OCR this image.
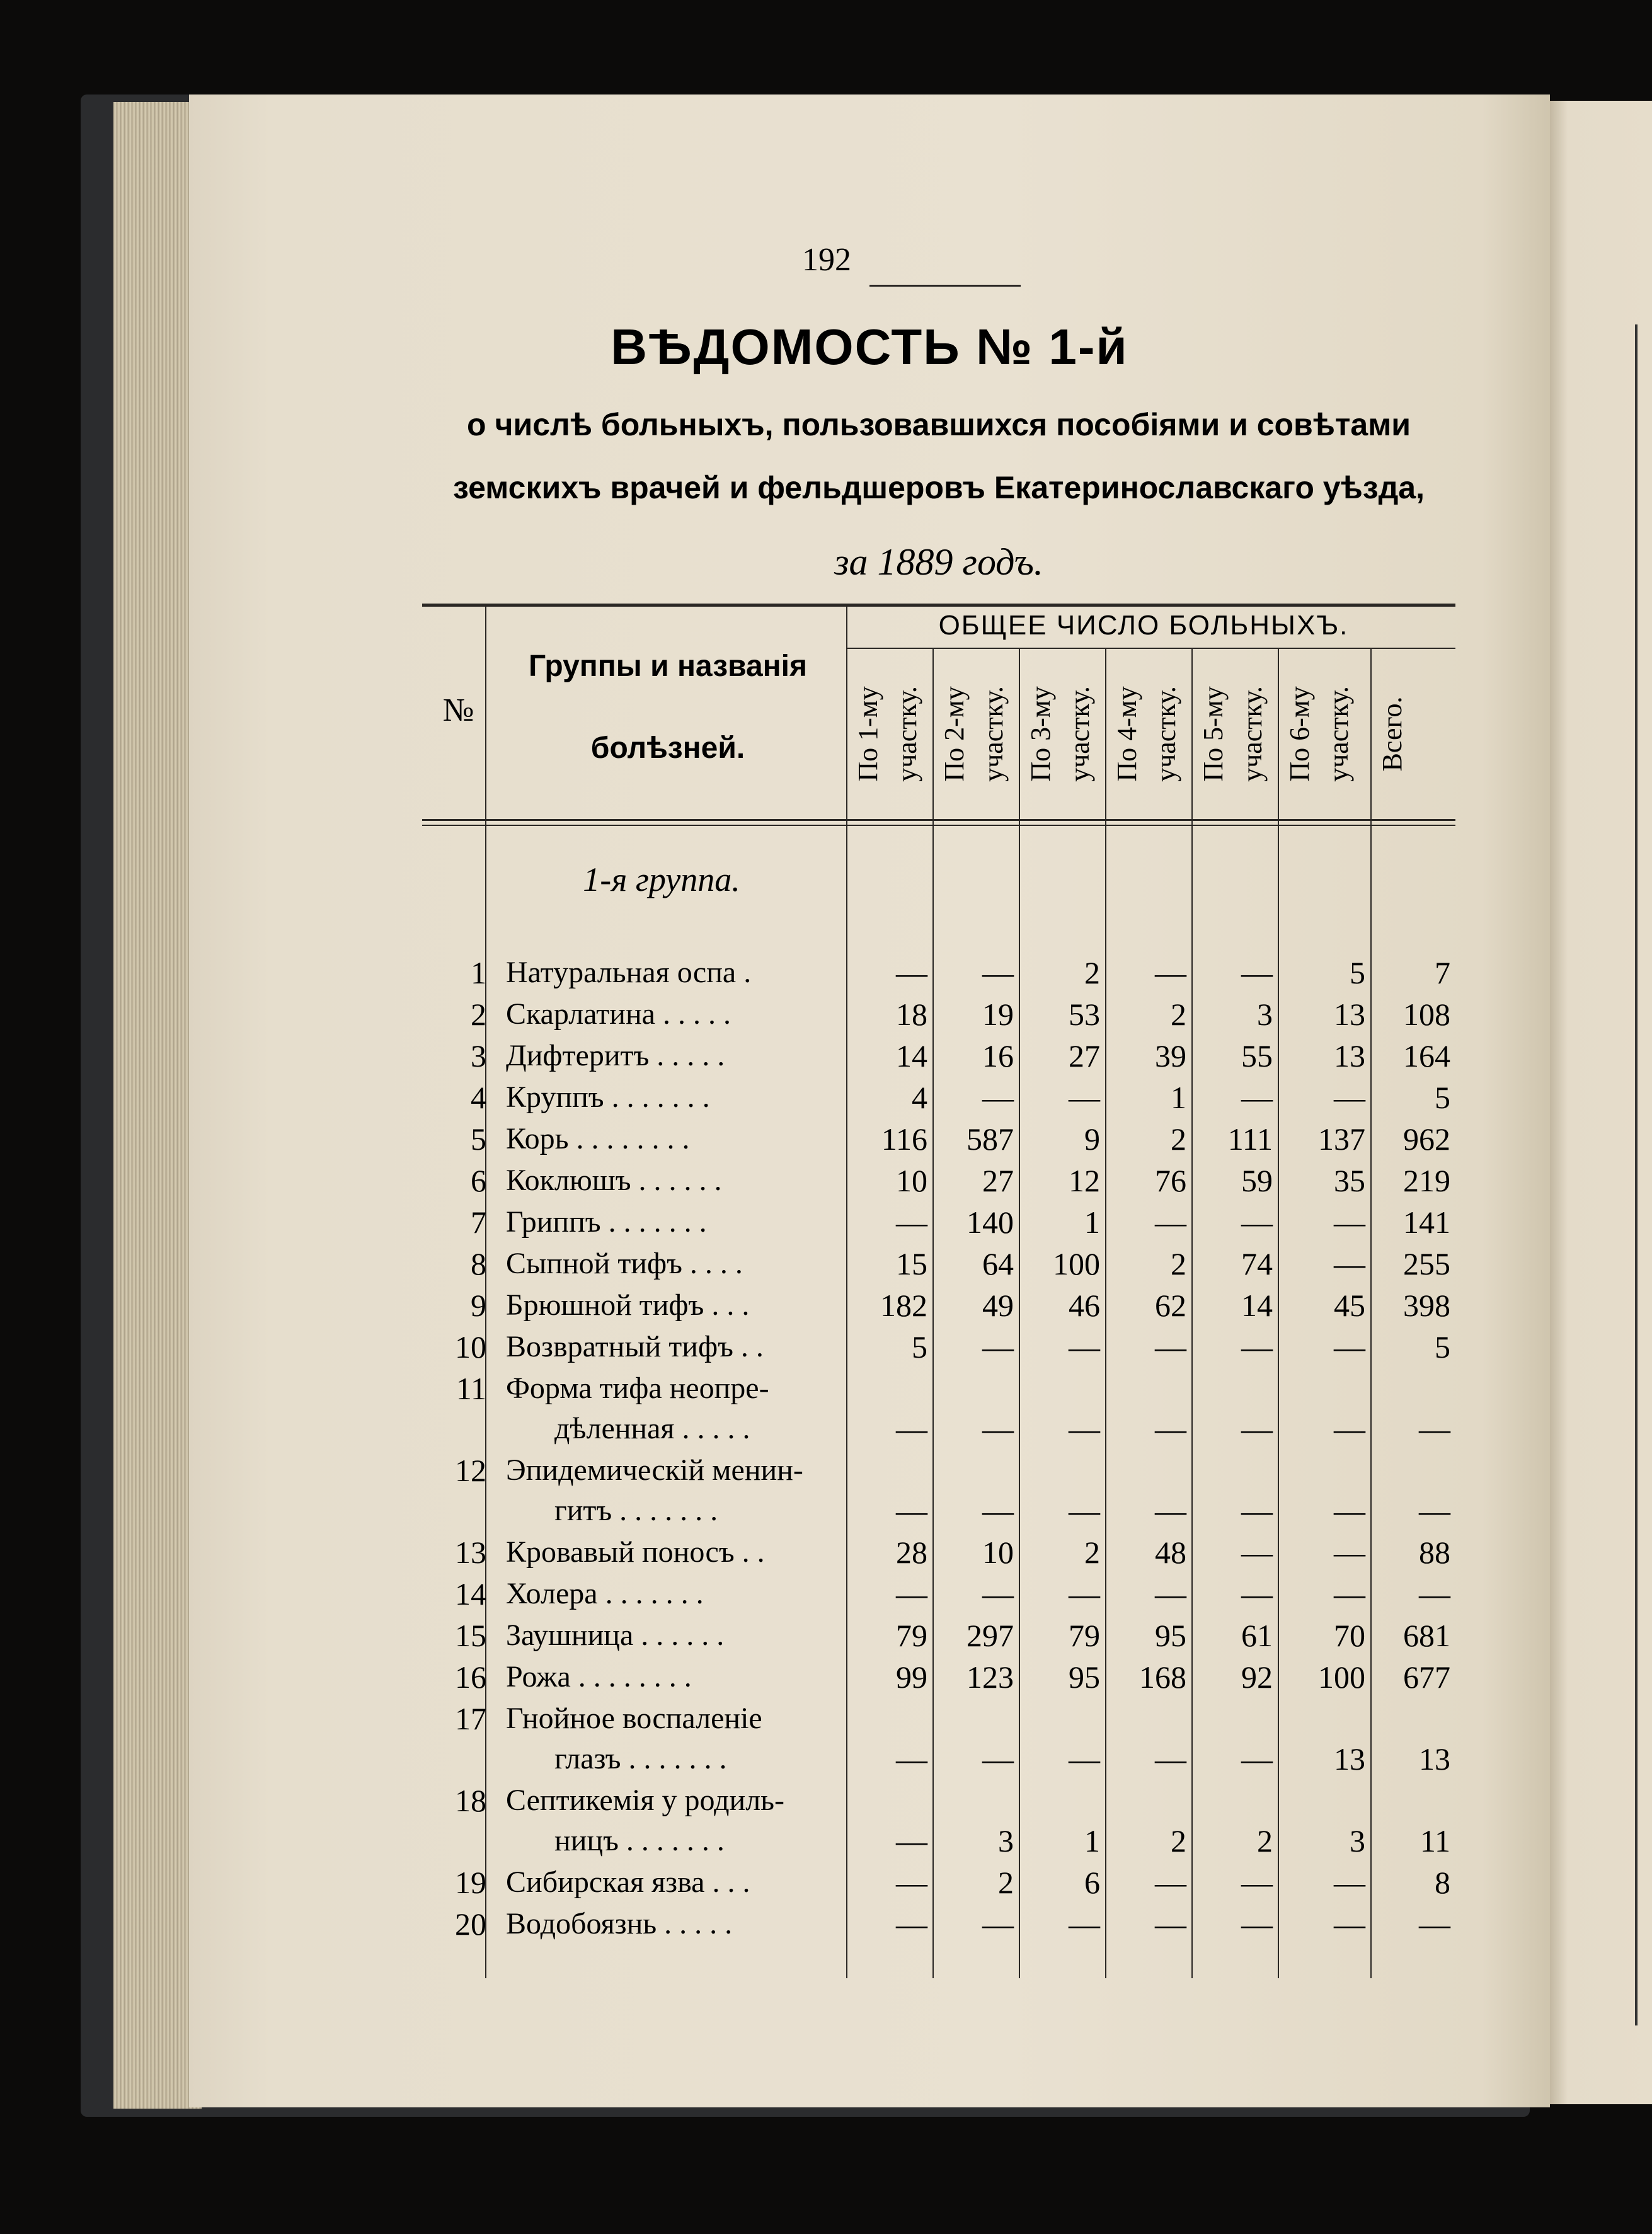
192
ВѢДОМОСТЬ № 1-й
о числѣ больныхъ, пользовавшихся пособіями и совѣтами
земскихъ врачей и фельдшеровъ Екатеринославскаго уѣзда,
за 1889 годъ.
№
Группы и названія
болѣзней.
ОБЩЕЕ ЧИСЛО БОЛЬНЫХЪ.
По 1-му участку. По 2-му участку. По 3-му участку. По 4-му участку. По 5-му участку. По 6-му участку. Всего.
1-я группа.
1 Натуральная оспа .	—	—	2	—	—	5	7
2 Скарлатина . . . . .	18	19	53	2	3	13	108
3 Дифтеритъ . . . . .	14	16	27	39	55	13	164
4 Круппъ . . . . . . .	4	—	—	1	—	—	5
5 Корь . . . . . . . .	116	587	9	2	111	137	962
6 Коклюшъ . . . . . .	10	27	12	76	59	35	219
7 Гриппъ . . . . . . .	—	140	1	—	—	—	141
8 Сыпной тифъ . . . .	15	64	100	2	74	—	255
9 Брюшной тифъ . . .	182	49	46	62	14	45	398
10 Возвратный тифъ . .	5	—	—	—	—	—	5
11 Форма тифа неопре-
дѣленная . . . . .	—	—	—	—	—	—	—
12 Эпидемическій менин-
гитъ . . . . . . .	—	—	—	—	—	—	—
13 Кровавый поносъ . .	28	10	2	48	—	—	88
14 Холера . . . . . . .	—	—	—	—	—	—	—
15 Заушница . . . . . .	79	297	79	95	61	70	681
16 Рожа . . . . . . . .	99	123	95	168	92	100	677
17 Гнойное воспаленіе
глазъ . . . . . . .	—	—	—	—	—	13	13
18 Септикемія у родиль-
ницъ . . . . . . .	—	3	1	2	2	3	11
19 Сибирская язва . . .	—	2	6	—	—	—	8
20 Водобоязнь . . . . .	—	—	—	—	—	—	—
